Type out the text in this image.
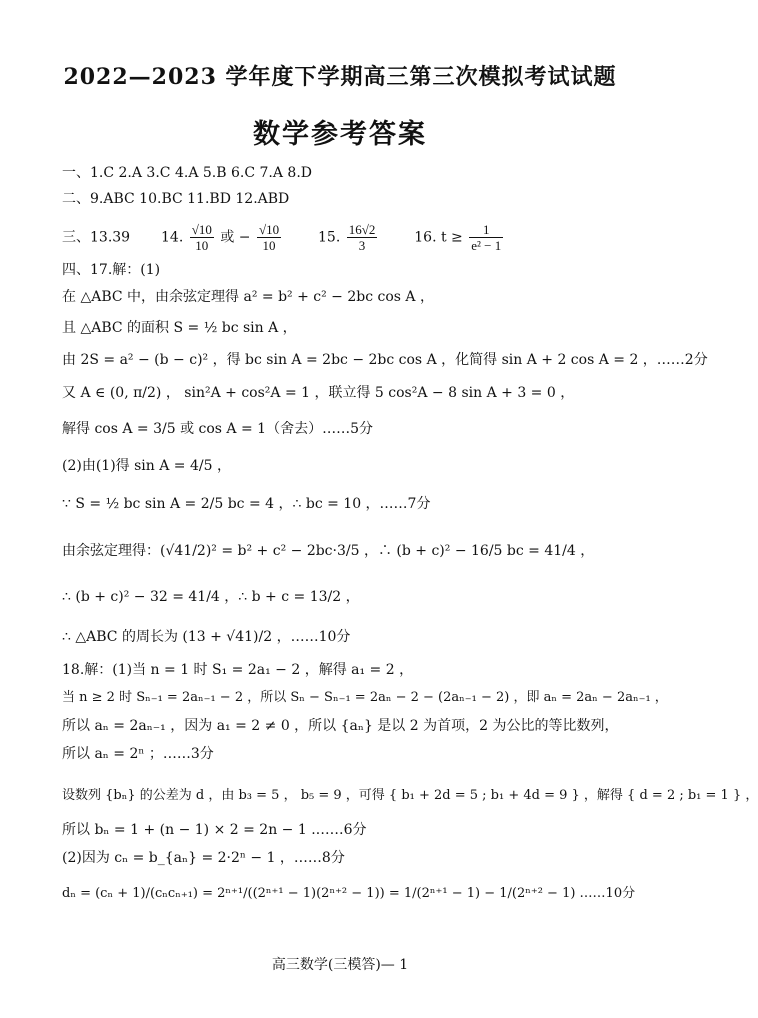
2022—2023 学年度下学期高三第三次模拟考试试题
数学参考答案
一、1.C 2.A 3.C 4.A 5.B 6.C 7.A 8.D
二、9.ABC 10.BC 11.BD 12.ABD
三、13.39 14. $\frac{√10}{10}$ 或 − $\frac{√10}{10}$	15. $\frac{16√2}{3}$	16. $t \ge \frac{1}{\text{e² − 1}}$
四、17.解：(1)
在 △ABC 中，由余弦定理得 a² = b² + c² − 2bc cos A ，
且 △ABC 的面积 S = ½ bc sin A ，
由 2S = a² − (b − c)² ，得 bc sin A = 2bc − 2bc cos A ，化简得 sin A + 2 cos A = 2 ，……2分
又 A ∈ (0, π/2) ， sin²A + cos²A = 1 ，联立得 5 cos²A − 8 sin A + 3 = 0 ，
解得 cos A = 3/5 或 cos A = 1（舍去）……5分
(2)由(1)得 sin A = 4/5 ，
∵ S = ½ bc sin A = 2/5 bc = 4 ，∴ bc = 10 ，……7分
由余弦定理得：(√41/2)² = b² + c² − 2bc·3/5 ，∴ (b + c)² − 16/5 bc = 41/4 ，
∴ (b + c)² − 32 = 41/4 ，∴ b + c = 13/2 ，
∴ △ABC 的周长为 (13 + √41)/2 ，……10分
18.解：(1)当 n = 1 时 S₁ = 2a₁ − 2 ，解得 a₁ = 2 ，
当 n ≥ 2 时 Sₙ₋₁ = 2aₙ₋₁ − 2 ，所以 Sₙ − Sₙ₋₁ = 2aₙ − 2 − (2aₙ₋₁ − 2) ，即 aₙ = 2aₙ − 2aₙ₋₁ ，
所以 aₙ = 2aₙ₋₁ ，因为 a₁ = 2 ≠ 0 ，所以 {aₙ} 是以 2 为首项，2 为公比的等比数列，
所以 aₙ = 2ⁿ ；……3分
设数列 {bₙ} 的公差为 d ，由 b₃ = 5 ， b₅ = 9 ，可得 { b₁ + 2d = 5 ; b₁ + 4d = 9 } ，解得 { d = 2 ; b₁ = 1 } ，
所以 bₙ = 1 + (n − 1) × 2 = 2n − 1 .……6分
(2)因为 cₙ = b_{aₙ} = 2·2ⁿ − 1 ，……8分
dₙ = (cₙ + 1)/(cₙcₙ₊₁) = 2ⁿ⁺¹/((2ⁿ⁺¹ − 1)(2ⁿ⁺² − 1)) = 1/(2ⁿ⁺¹ − 1) − 1/(2ⁿ⁺² − 1) ……10分
高三数学(三模答)— 1
